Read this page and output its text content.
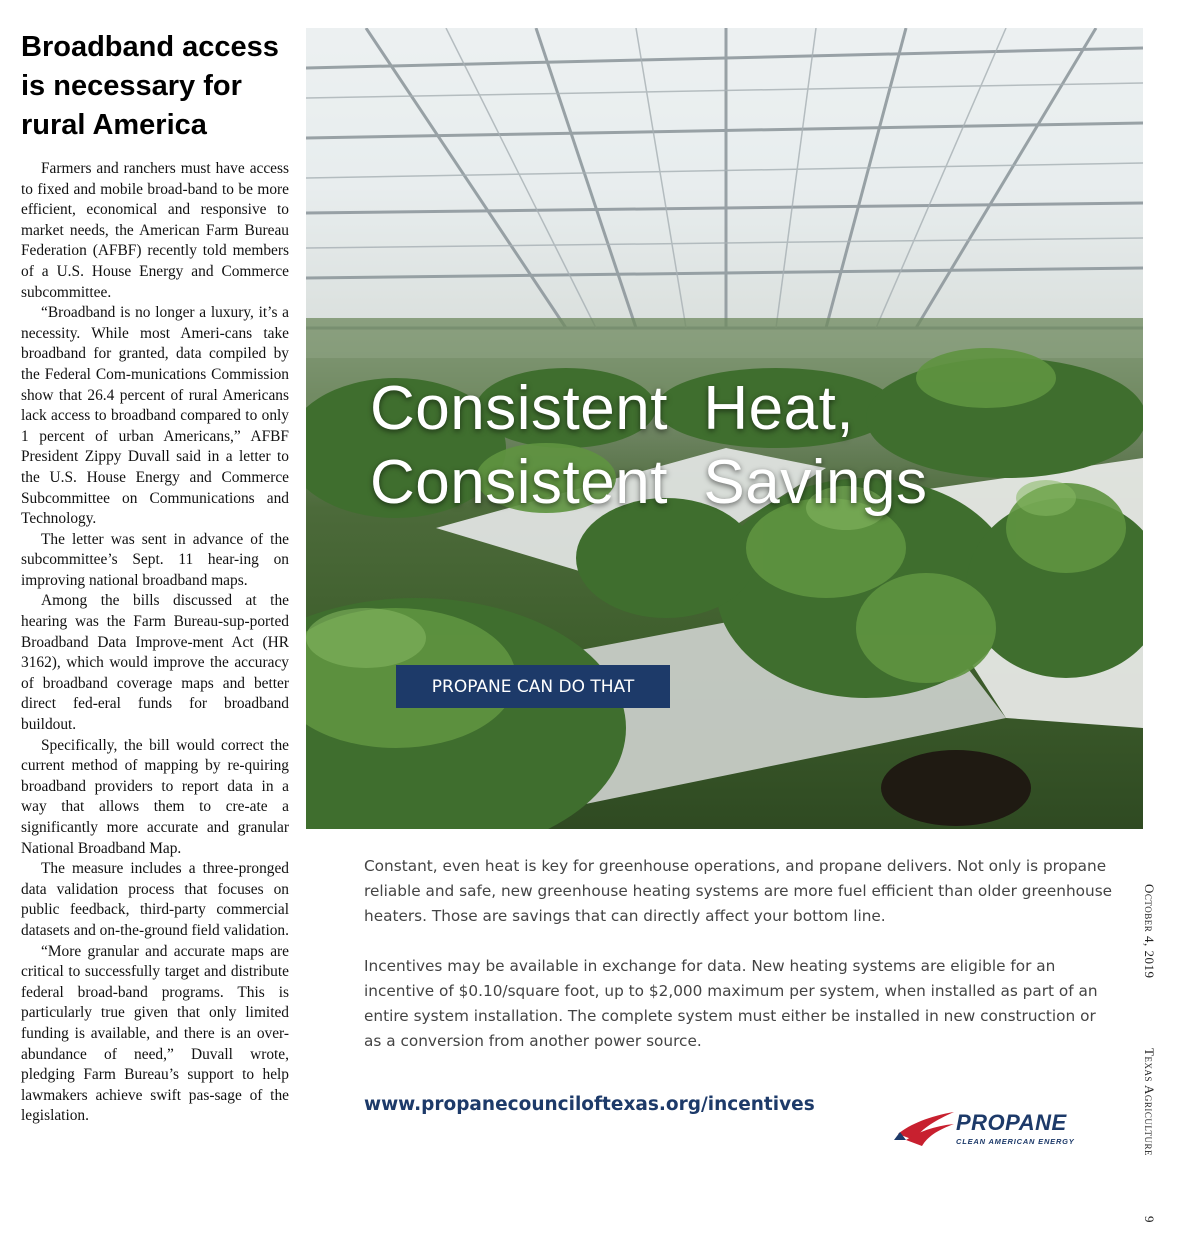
Broadband access is necessary for rural America

Farmers and ranchers must have access to fixed and mobile broad-band to be more efficient, economical and responsive to market needs, the American Farm Bureau Federation (AFBF) recently told members of a U.S. House Energy and Commerce subcommittee.

“Broadband is no longer a luxury, it’s a necessity. While most Ameri-cans take broadband for granted, data compiled by the Federal Com-munications Commission show that 26.4 percent of rural Americans lack access to broadband compared to only 1 percent of urban Americans,” AFBF President Zippy Duvall said in a letter to the U.S. House Energy and Commerce Subcommittee on Communications and Technology.

The letter was sent in advance of the subcommittee’s Sept. 11 hear-ing on improving national broadband maps.

Among the bills discussed at the hearing was the Farm Bureau-sup-ported Broadband Data Improve-ment Act (HR 3162), which would improve the accuracy of broadband coverage maps and better direct fed-eral funds for broadband buildout.

Specifically, the bill would correct the current method of mapping by re-quiring broadband providers to report data in a way that allows them to cre-ate a significantly more accurate and granular National Broadband Map.

The measure includes a three-pronged data validation process that focuses on public feedback, third-party commercial datasets and on-the-ground field validation.

“More granular and accurate maps are critical to successfully target and distribute federal broad-band programs. This is particularly true given that only limited funding is available, and there is an over-abundance of need,” Duvall wrote, pledging Farm Bureau’s support to help lawmakers achieve swift pas-sage of the legislation.

Consistent  Heat,
Consistent  Savings
PROPANE CAN DO THAT

Constant, even heat is key for greenhouse operations, and propane delivers. Not only is propane reliable and safe, new greenhouse heating systems are more fuel efficient than older greenhouse heaters. Those are savings that can directly affect your bottom line.

Incentives may be available in exchange for data. New heating systems are eligible for an incentive of $0.10/square foot, up to $2,000 maximum per system, when installed as part of an entire system installation. The complete system must either be installed in new construction or as a conversion from another power source.

www.propanecounciloftexas.org/incentives
PROPANE
CLEAN AMERICAN ENERGY
October 4, 2019
Texas Agriculture
9
